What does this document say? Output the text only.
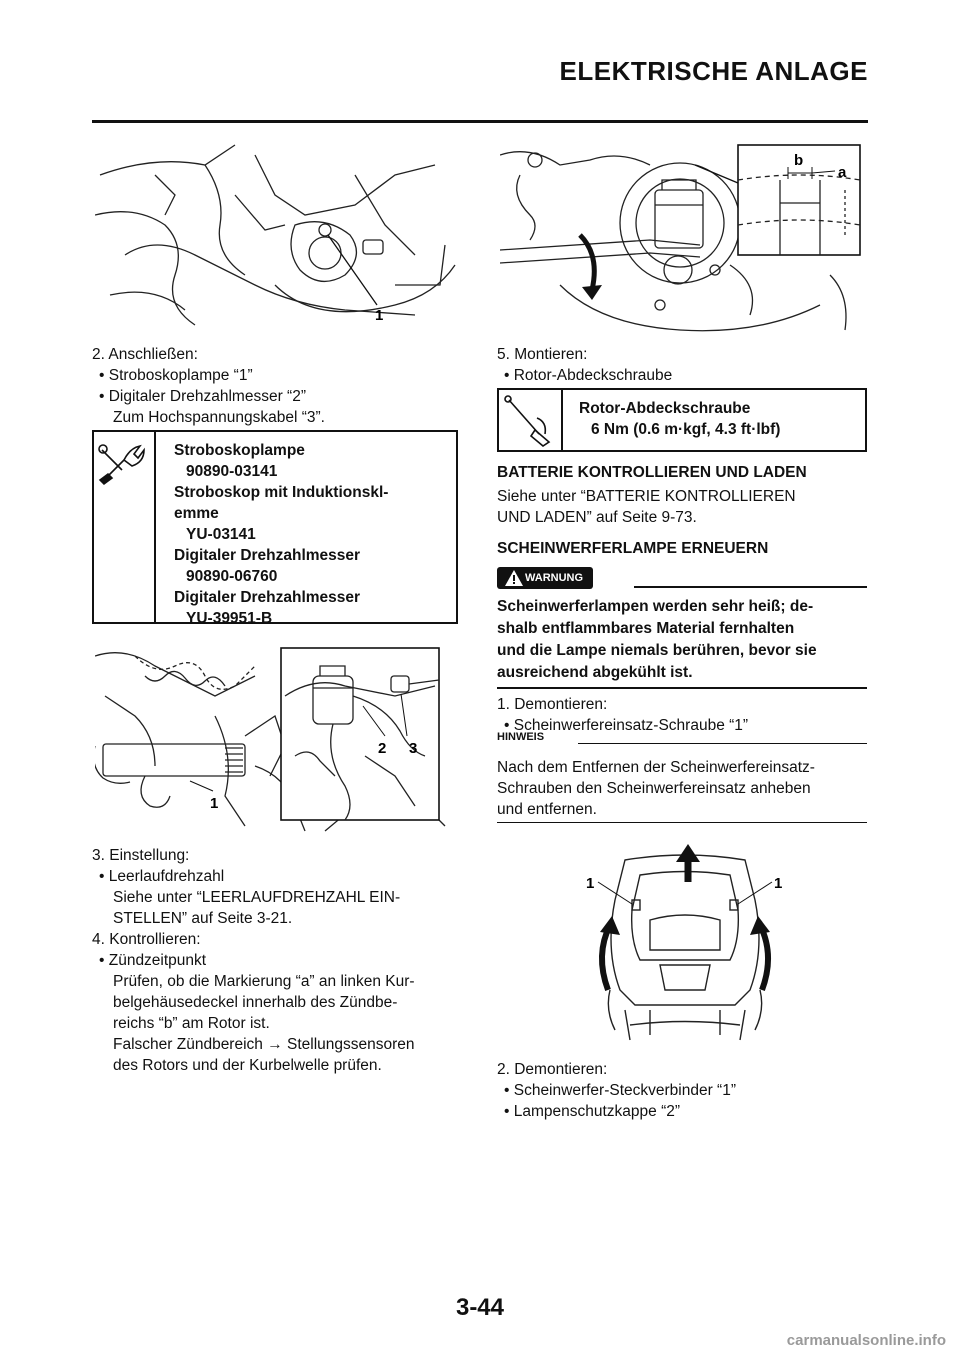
ELEKTRISCHE ANLAGE
1
2. Anschließen:
• Stroboskoplampe “1”
• Digitaler Drehzahlmesser “2”
Zum Hochspannungskabel “3”.
Stroboskoplampe
90890-03141
Stroboskop mit Induktionskl-
emme
YU-03141
Digitaler Drehzahlmesser
90890-06760
Digitaler Drehzahlmesser
YU-39951-B
2 3
1
3. Einstellung:
• Leerlaufdrehzahl
Siehe unter “LEERLAUFDREHZAHL EIN-
STELLEN” auf Seite 3-21.
4. Kontrollieren:
• Zündzeitpunkt
Prüfen, ob die Markierung “a” an linken Kur-
belgehäusedeckel innerhalb des Zündbe-
reichs “b” am Rotor ist.
Falscher Zündbereich → Stellungssensoren
des Rotors und der Kurbelwelle prüfen.
b
a
5. Montieren:
• Rotor-Abdeckschraube
Rotor-Abdeckschraube
6 Nm (0.6 m·kgf, 4.3 ft·lbf)
BATTERIE KONTROLLIEREN UND LADEN
Siehe unter “BATTERIE KONTROLLIEREN
UND LADEN” auf Seite 9-73.
SCHEINWERFERLAMPE ERNEUERN
WARNUNG
Scheinwerferlampen werden sehr heiß; de-
shalb entflammbares Material fernhalten
und die Lampe niemals berühren, bevor sie
ausreichend abgekühlt ist.
1. Demontieren:
• Scheinwerfereinsatz-Schraube “1”
HINWEIS
Nach dem Entfernen der Scheinwerfereinsatz-
Schrauben den Scheinwerfereinsatz anheben
und entfernen.
1	1
2. Demontieren:
• Scheinwerfer-Steckverbinder “1”
• Lampenschutzkappe “2”
3-44
carmanualsonline.info
